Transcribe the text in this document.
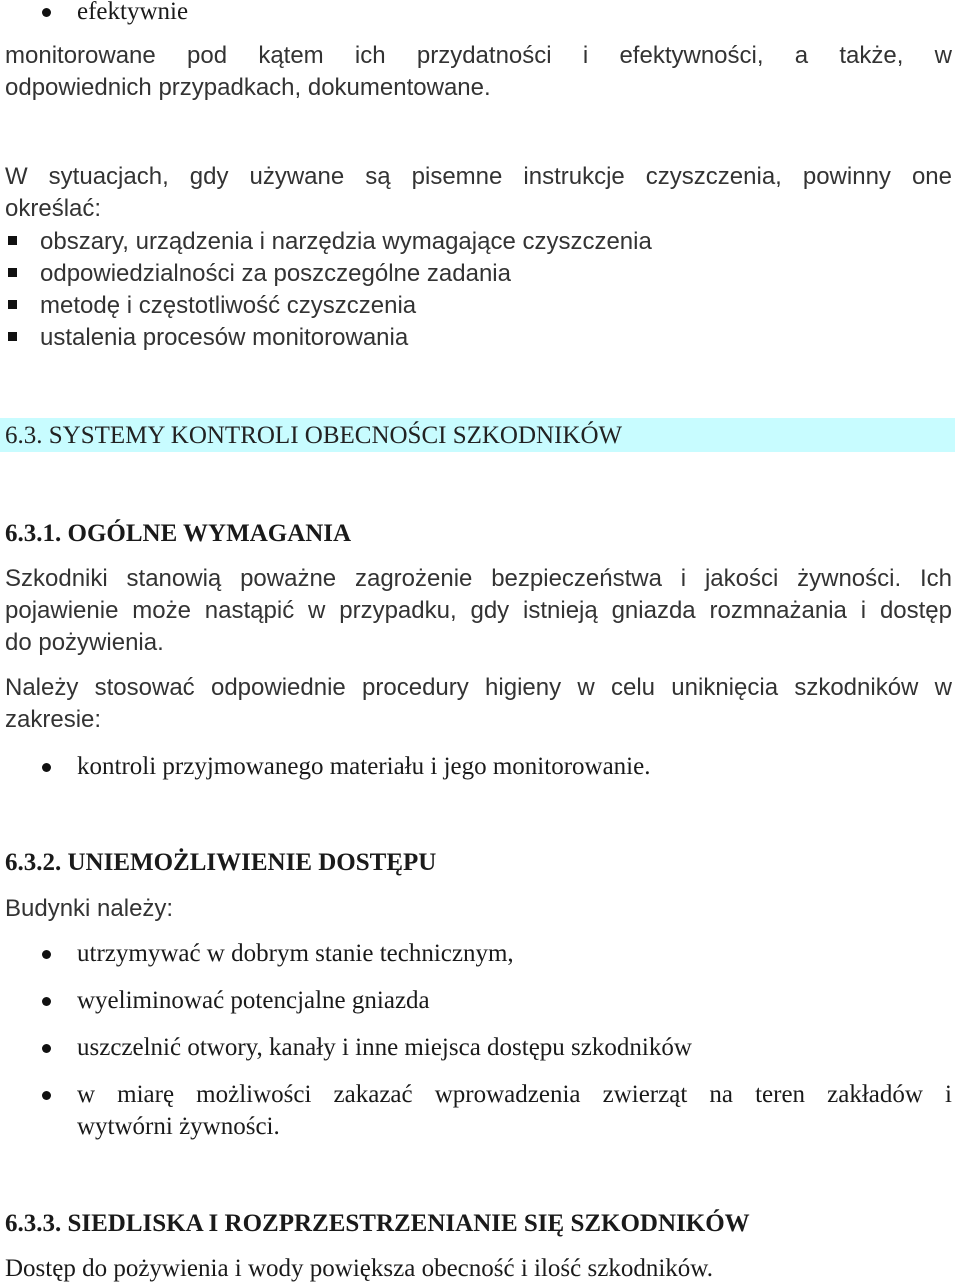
efektywnie
monitorowane pod kątem ich przydatności i efektywności, a także, w
odpowiednich przypadkach, dokumentowane.
W sytuacjach, gdy używane są pisemne instrukcje czyszczenia, powinny one
określać:
obszary, urządzenia i narzędzia wymagające czyszczenia
odpowiedzialności za poszczególne zadania
metodę i częstotliwość czyszczenia
ustalenia procesów monitorowania
6.3. SYSTEMY KONTROLI OBECNOŚCI SZKODNIKÓW
6.3.1. OGÓLNE WYMAGANIA
Szkodniki stanowią poważne zagrożenie bezpieczeństwa i jakości żywności. Ich
pojawienie może nastąpić w przypadku, gdy istnieją gniazda rozmnażania i dostęp
do pożywienia.
Należy stosować odpowiednie procedury higieny w celu uniknięcia szkodników w
zakresie:
kontroli przyjmowanego materiału i jego monitorowanie.
6.3.2. UNIEMOŻLIWIENIE DOSTĘPU
Budynki należy:
utrzymywać w dobrym stanie technicznym,
wyeliminować potencjalne gniazda
uszczelnić otwory, kanały i inne miejsca dostępu szkodników
w miarę możliwości zakazać wprowadzenia zwierząt na teren zakładów i
wytwórni żywności.
6.3.3. SIEDLISKA I ROZPRZESTRZENIANIE SIĘ SZKODNIKÓW
Dostęp do pożywienia i wody powiększa obecność i ilość szkodników.
